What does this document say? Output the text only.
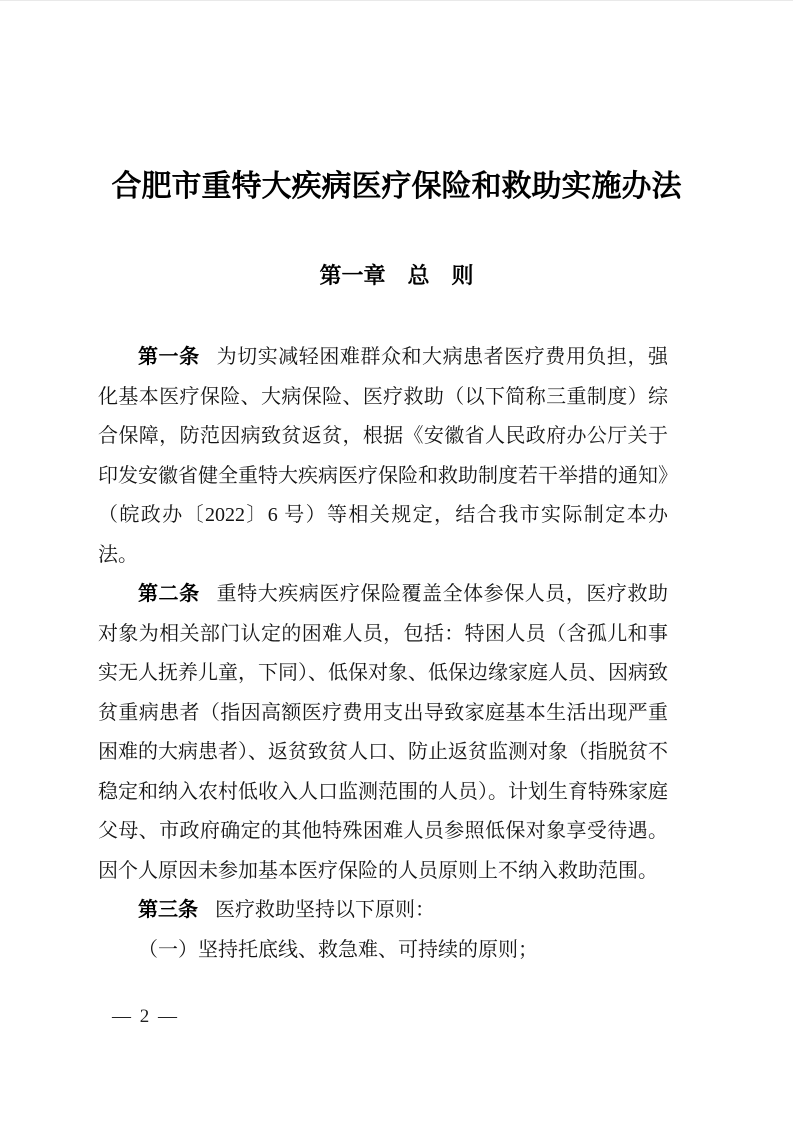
合肥市重特大疾病医疗保险和救助实施办法
第一章　总　则

第一条 为切实减轻困难群众和大病患者医疗费用负担，强化基本医疗保险、大病保险、医疗救助（以下简称三重制度）综合保障，防范因病致贫返贫，根据《安徽省人民政府办公厅关于印发安徽省健全重特大疾病医疗保险和救助制度若干举措的通知》（皖政办〔2022〕6 号）等相关规定，结合我市实际制定本办法。

第二条 重特大疾病医疗保险覆盖全体参保人员，医疗救助对象为相关部门认定的困难人员，包括：特困人员（含孤儿和事实无人抚养儿童，下同）、低保对象、低保边缘家庭人员、因病致贫重病患者（指因高额医疗费用支出导致家庭基本生活出现严重困难的大病患者）、返贫致贫人口、防止返贫监测对象（指脱贫不稳定和纳入农村低收入人口监测范围的人员）。计划生育特殊家庭父母、市政府确定的其他特殊困难人员参照低保对象享受待遇。因个人原因未参加基本医疗保险的人员原则上不纳入救助范围。

第三条 医疗救助坚持以下原则：

（一）坚持托底线、救急难、可持续的原则；

— 2 —
